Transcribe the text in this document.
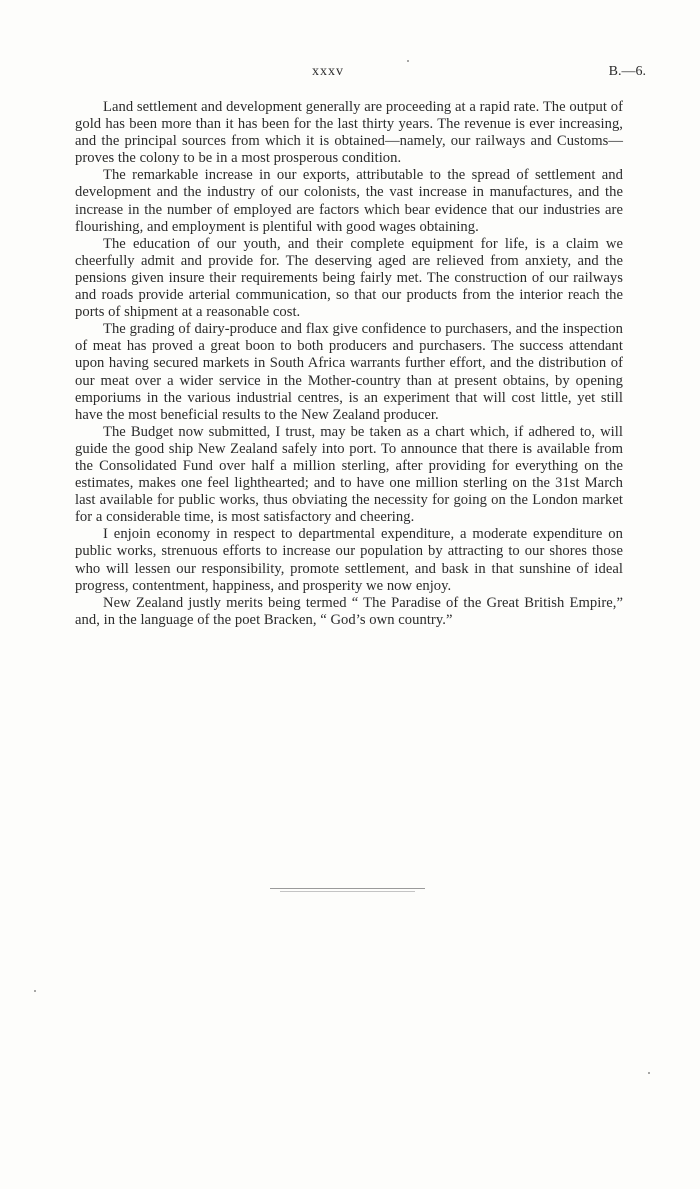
xxxv	B.—6.

Land settlement and development generally are proceeding at a rapid rate. The output of gold has been more than it has been for the last thirty years. The revenue is ever increasing, and the principal sources from which it is obtained—namely, our railways and Customs—proves the colony to be in a most prosperous condition.

The remarkable increase in our exports, attributable to the spread of settlement and development and the industry of our colonists, the vast increase in manufactures, and the increase in the number of employed are factors which bear evidence that our industries are flourishing, and employment is plentiful with good wages obtaining.

The education of our youth, and their complete equipment for life, is a claim we cheerfully admit and provide for. The deserving aged are relieved from anxiety, and the pensions given insure their requirements being fairly met. The construction of our railways and roads provide arterial communication, so that our products from the interior reach the ports of shipment at a reasonable cost.

The grading of dairy-produce and flax give confidence to purchasers, and the inspection of meat has proved a great boon to both producers and purchasers. The success attendant upon having secured markets in South Africa warrants further effort, and the distribution of our meat over a wider service in the Mother-country than at present obtains, by opening emporiums in the various industrial centres, is an experiment that will cost little, yet still have the most beneficial results to the New Zealand producer.

The Budget now submitted, I trust, may be taken as a chart which, if adhered to, will guide the good ship New Zealand safely into port. To announce that there is available from the Consolidated Fund over half a million sterling, after providing for everything on the estimates, makes one feel lighthearted; and to have one million sterling on the 31st March last available for public works, thus obviating the necessity for going on the London market for a considerable time, is most satisfactory and cheering.

I enjoin economy in respect to departmental expenditure, a moderate expenditure on public works, strenuous efforts to increase our population by attracting to our shores those who will lessen our responsibility, promote settlement, and bask in that sunshine of ideal progress, contentment, happiness, and prosperity we now enjoy.

New Zealand justly merits being termed “ The Paradise of the Great British Empire,” and, in the language of the poet Bracken, “ God’s own country.”
